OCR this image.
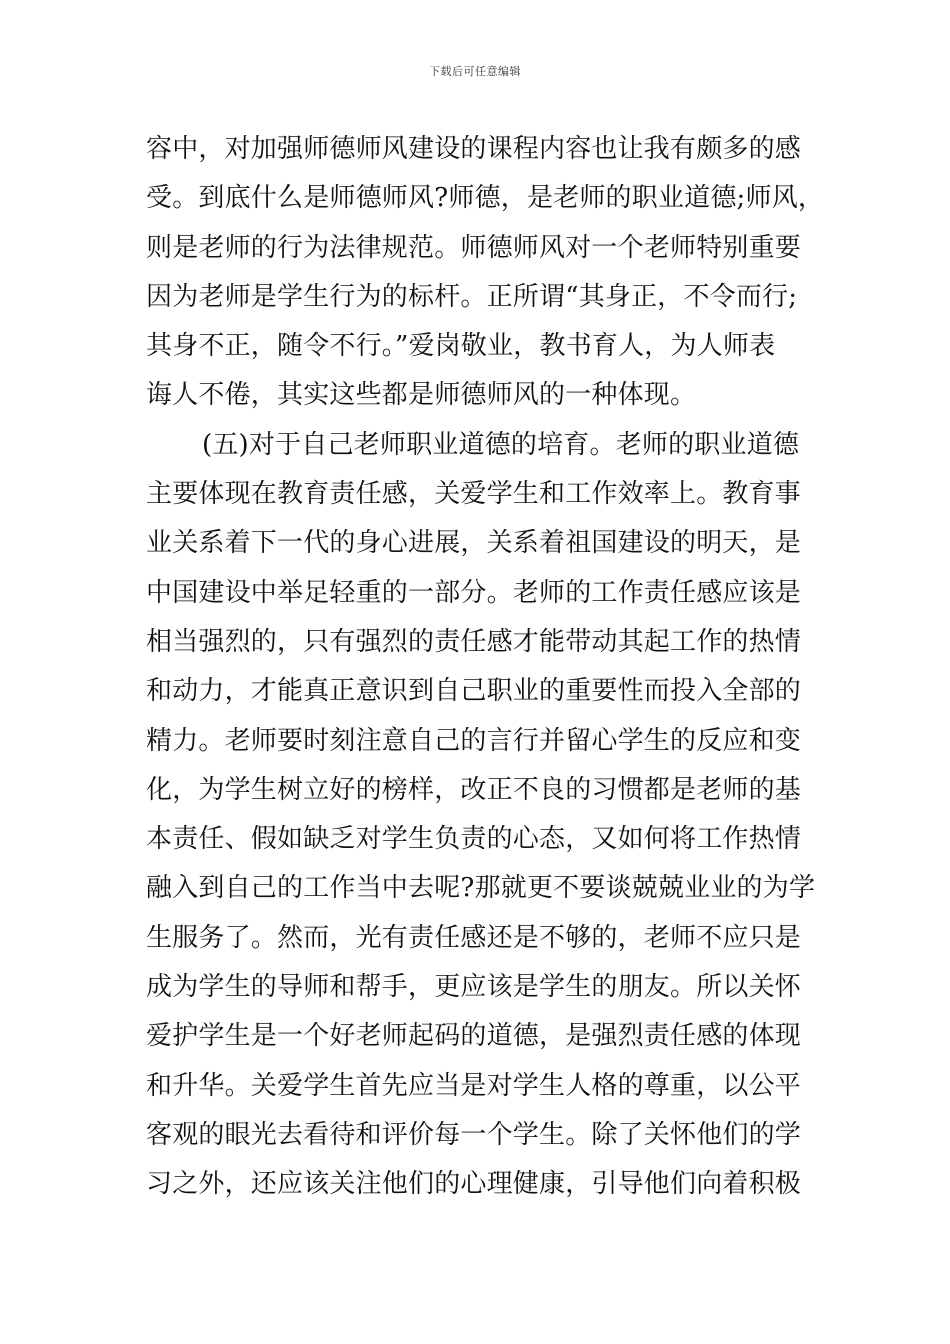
下载后可任意编辑
容中，对加强师德师风建设的课程内容也让我有颇多的感
受。到底什么是师德师风?师德，是老师的职业道德;师风，
则是老师的行为法律规范。师德师风对一个老师特别重要
因为老师是学生行为的标杆。正所谓“其身正，不令而行;
其身不正，随令不行。”爱岗敬业，教书育人，为人师表
诲人不倦，其实这些都是师德师风的一种体现。
(五)对于自己老师职业道德的培育。老师的职业道德
主要体现在教育责任感，关爱学生和工作效率上。教育事
业关系着下一代的身心进展，关系着祖国建设的明天，是
中国建设中举足轻重的一部分。老师的工作责任感应该是
相当强烈的，只有强烈的责任感才能带动其起工作的热情
和动力，才能真正意识到自己职业的重要性而投入全部的
精力。老师要时刻注意自己的言行并留心学生的反应和变
化，为学生树立好的榜样，改正不良的习惯都是老师的基
本责任、假如缺乏对学生负责的心态，又如何将工作热情
融入到自己的工作当中去呢?那就更不要谈兢兢业业的为学
生服务了。然而，光有责任感还是不够的，老师不应只是
成为学生的导师和帮手，更应该是学生的朋友。所以关怀
爱护学生是一个好老师起码的道德，是强烈责任感的体现
和升华。关爱学生首先应当是对学生人格的尊重，以公平
客观的眼光去看待和评价每一个学生。除了关怀他们的学
习之外，还应该关注他们的心理健康，引导他们向着积极
